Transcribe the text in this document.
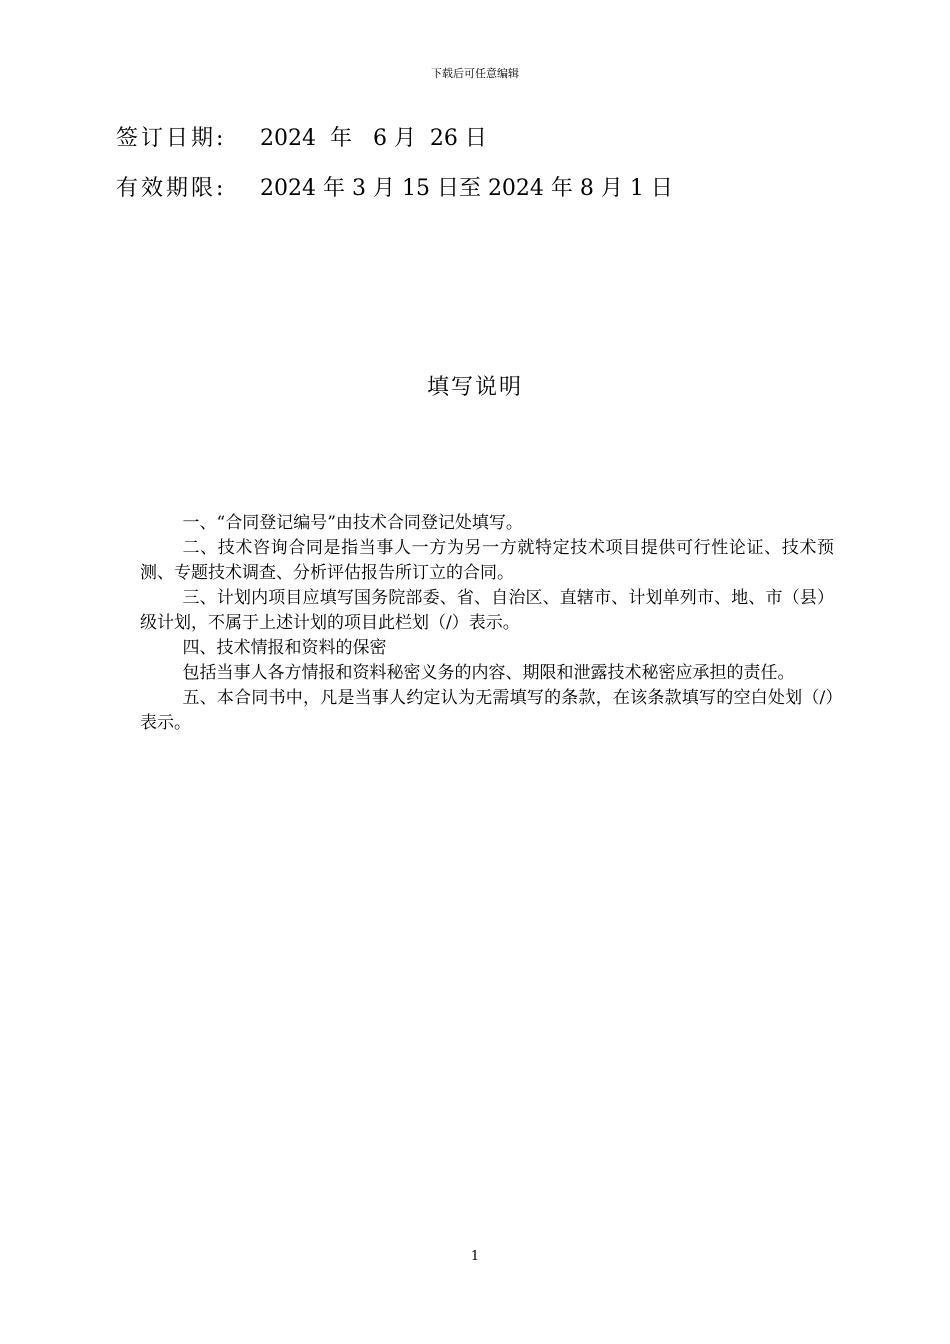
下载后可任意编辑
签订日期: 2024  年   6 月  26 日
有效期限: 2024 年 3 月 15 日至 2024 年 8 月 1 日
填写说明

一、“合同登记编号”由技术合同登记处填写。

二、技术咨询合同是指当事人一方为另一方就特定技术项目提供可行性论证、技术预测、专题技术调查、分析评估报告所订立的合同。

三、计划内项目应填写国务院部委、省、自治区、直辖市、计划单列市、地、市（县）级计划，不属于上述计划的项目此栏划（/）表示。

四、技术情报和资料的保密

包括当事人各方情报和资料秘密义务的内容、期限和泄露技术秘密应承担的责任。

五、本合同书中，凡是当事人约定认为无需填写的条款，在该条款填写的空白处划（/）表示。

1
